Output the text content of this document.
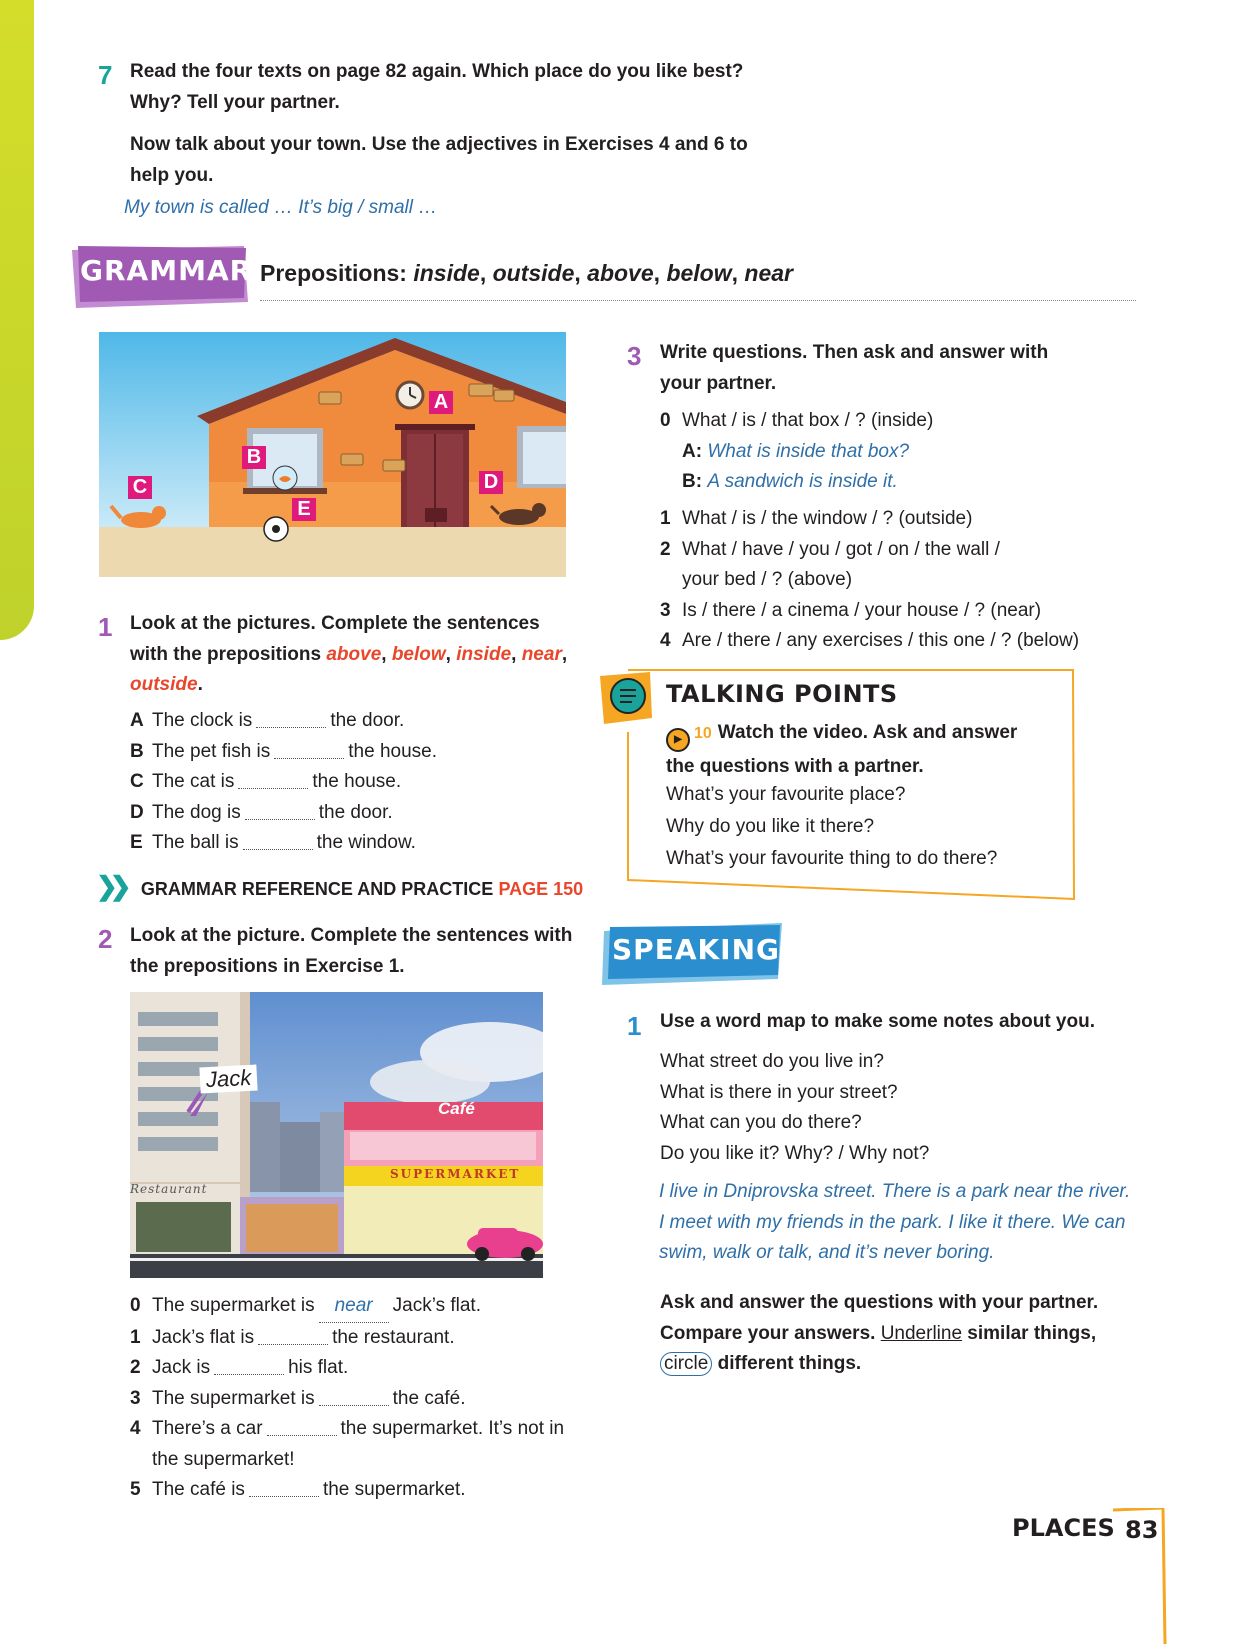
7 Read the four texts on page 82 again. Which place do you like best?
Why? Tell your partner.
Now talk about your town. Use the adjectives in Exercises 4 and 6 to
help you.
My town is called … It’s big / small …
GRAMMAR Prepositions: inside, outside, above, below, near
A
B
C	D
E
1 Look at the pictures. Complete the sentences
with the prepositions above, below, inside, near,
outside.
A The clock is	the door.
B The pet fish is	the house.
C The cat is	the house.
D The dog is	the door.
E The ball is	the window.
❯❯ GRAMMAR REFERENCE AND PRACTICE PAGE 150
2 Look at the picture. Complete the sentences with
the prepositions in Exercise 1.
Jack
Café
SUPERMARKET
Restaurant
0 The supermarket is near Jack’s flat.
1 Jack’s flat is	the restaurant.
2 Jack is	his flat.
3 The supermarket is	the café.
4 There’s a car	the supermarket. It’s not in
the supermarket!
5 The café is	the supermarket.
3 Write questions. Then ask and answer with
your partner.
0 What / is / that box / ? (inside)
A: What is inside that box?
B: A sandwich is inside it.
1 What / is / the window / ? (outside)
2 What / have / you / got / on / the wall /
your bed / ? (above)
3 Is / there / a cinema / your house / ? (near)
4 Are / there / any exercises / this one / ? (below)
TALKING POINTS
▶ 10 Watch the video. Ask and answer
the questions with a partner.
What’s your favourite place?
Why do you like it there?
What’s your favourite thing to do there?
SPEAKING
1 Use a word map to make some notes about you.
What street do you live in?
What is there in your street?
What can you do there?
Do you like it? Why? / Why not?
I live in Dniprovska street. There is a park near the river.
I meet with my friends in the park. I like it there. We can
swim, walk or talk, and it’s never boring.
Ask and answer the questions with your partner.
Compare your answers. Underline similar things,
circle different things.
PLACES 83
